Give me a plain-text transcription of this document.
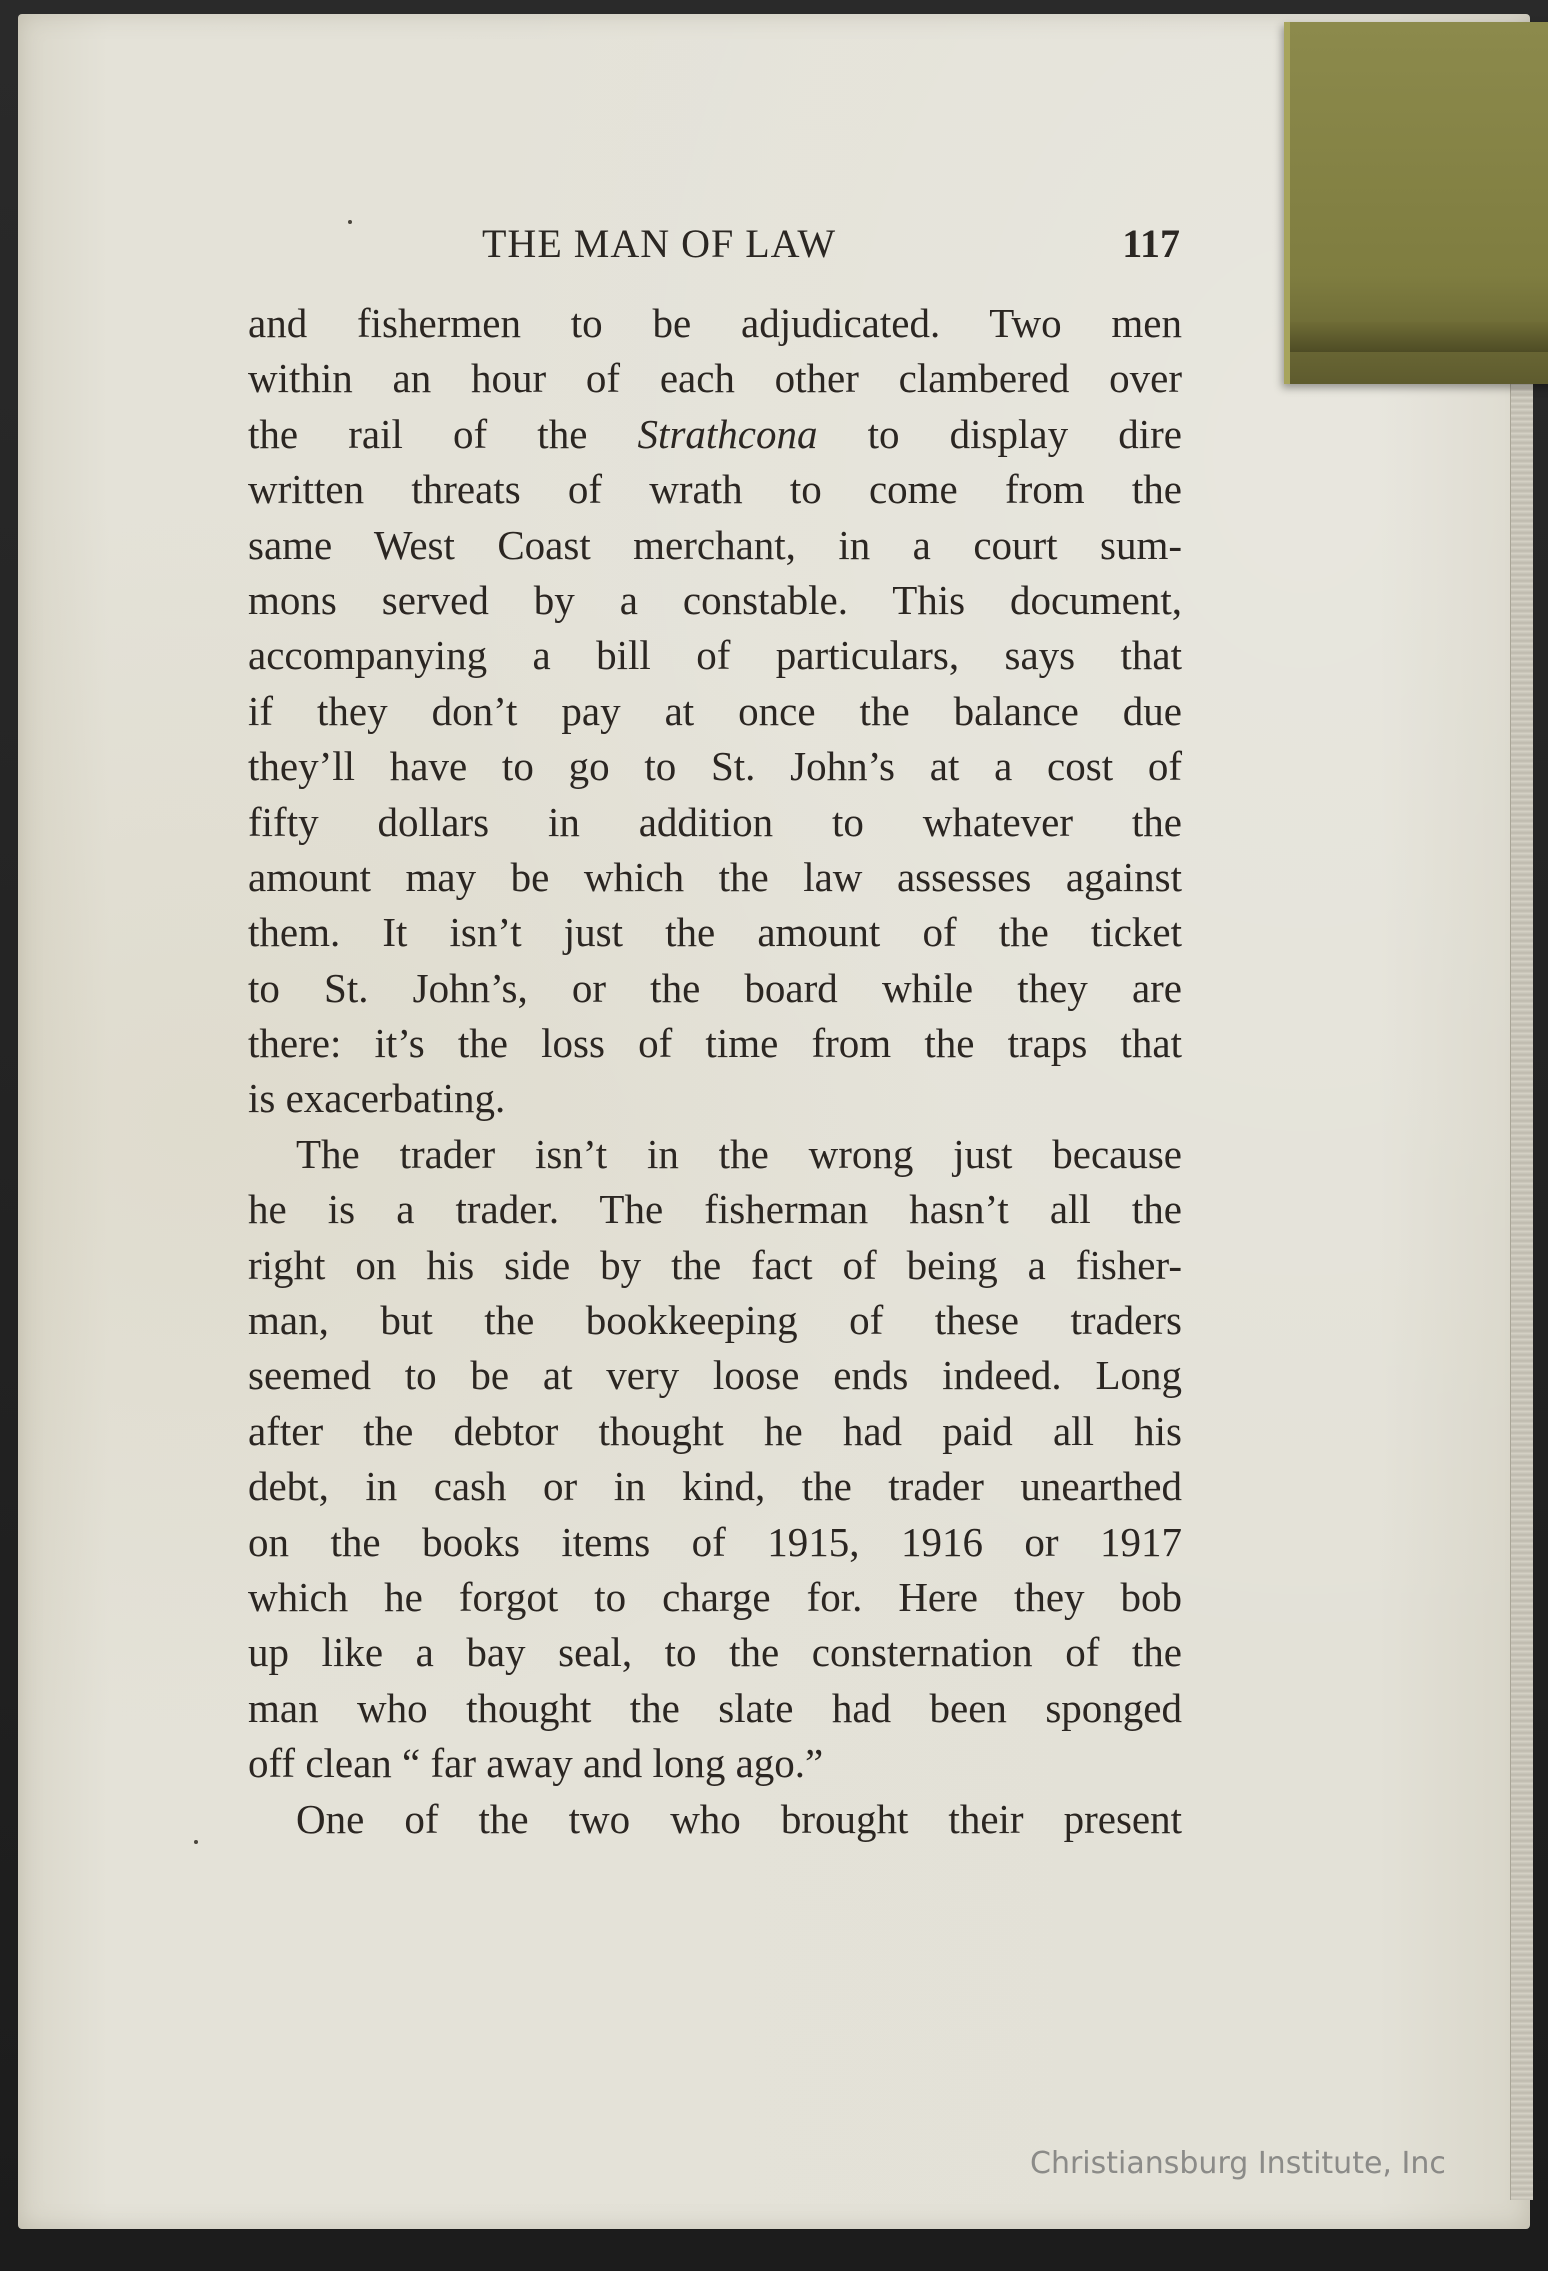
THE MAN OF LAW	117
and fishermen to be adjudicated. Two men
within an hour of each other clambered over
the rail of the Strathcona to display dire
written threats of wrath to come from the
same West Coast merchant, in a court sum-
mons served by a constable. This document,
accompanying a bill of particulars, says that
if they don’t pay at once the balance due
they’ll have to go to St. John’s at a cost of
fifty dollars in addition to whatever the
amount may be which the law assesses against
them. It isn’t just the amount of the ticket
to St. John’s, or the board while they are
there: it’s the loss of time from the traps that
is exacerbating.
The trader isn’t in the wrong just because
he is a trader. The fisherman hasn’t all the
right on his side by the fact of being a fisher-
man, but the bookkeeping of these traders
seemed to be at very loose ends indeed. Long
after the debtor thought he had paid all his
debt, in cash or in kind, the trader unearthed
on the books items of 1915, 1916 or 1917
which he forgot to charge for. Here they bob
up like a bay seal, to the consternation of the
man who thought the slate had been sponged
off clean “ far away and long ago.”
One of the two who brought their present
Christiansburg Institute, Inc
